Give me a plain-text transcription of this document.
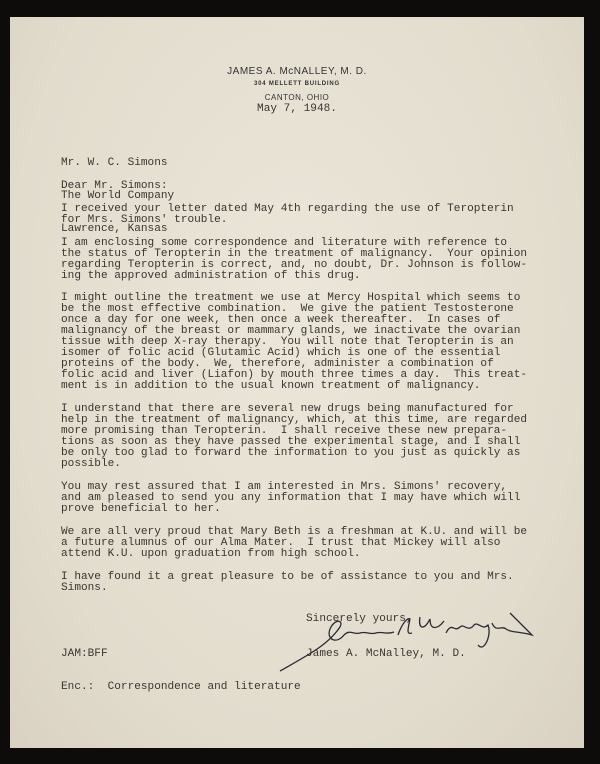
JAMES A. McNALLEY, M. D.
304 MELLETT BUILDING
CANTON, OHIO
May 7, 1948.

Mr. W. C. Simons

The World Company

Lawrence, Kansas

Dear Mr. Simons:
I received your letter dated May 4th regarding the use of Teropterin
for Mrs. Simons' trouble.
I am enclosing some correspondence and literature with reference to
the status of Teropterin in the treatment of malignancy.  Your opinion
regarding Teropterin is correct, and, no doubt, Dr. Johnson is follow-
ing the approved administration of this drug.
I might outline the treatment we use at Mercy Hospital which seems to
be the most effective combination.  We give the patient Testosterone
once a day for one week, then once a week thereafter.  In cases of
malignancy of the breast or mammary glands, we inactivate the ovarian
tissue with deep X-ray therapy.  You will note that Teropterin is an
isomer of folic acid (Glutamic Acid) which is one of the essential
proteins of the body.  We, therefore, administer a combination of
folic acid and liver (Liafon) by mouth three times a day.  This treat-
ment is in addition to the usual known treatment of malignancy.
I understand that there are several new drugs being manufactured for
help in the treatment of malignancy, which, at this time, are regarded
more promising than Teropterin.  I shall receive these new prepara-
tions as soon as they have passed the experimental stage, and I shall
be only too glad to forward the information to you just as quickly as
possible.
You may rest assured that I am interested in Mrs. Simons' recovery,
and am pleased to send you any information that I may have which will
prove beneficial to her.
We are all very proud that Mary Beth is a freshman at K.U. and will be
a future alumnus of our Alma Mater.  I trust that Mickey will also
attend K.U. upon graduation from high school.
I have found it a great pleasure to be of assistance to you and Mrs.
Simons.
Sincerely yours,
James A. McNalley, M. D.
JAM:BFF
Enc.:  Correspondence and literature
